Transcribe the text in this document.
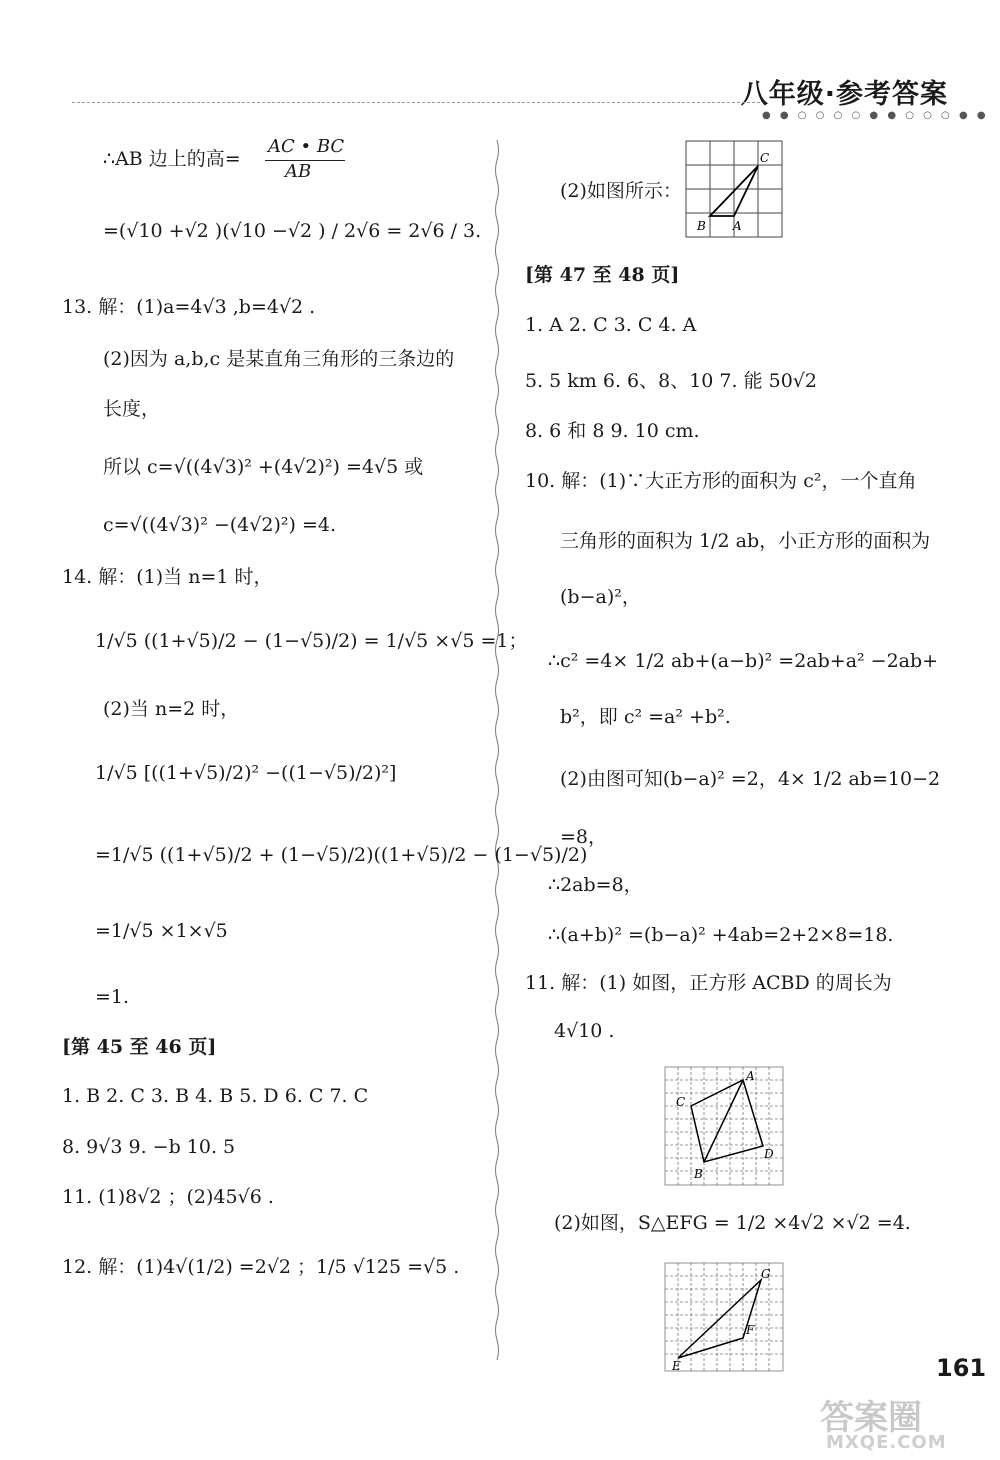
八年级·参考答案
● ● ○ ○ ○ ○ ● ● ○ ○ ○ ● ●
∴AB 边上的高=
AC • BC
AB
=(√10 +√2 )(√10 −√2 ) / 2√6 = 2√6 / 3.
13. 解：(1)a=4√3 ,b=4√2 .
(2)因为 a,b,c 是某直角三角形的三条边的
长度，
所以 c=√((4√3)² +(4√2)²) =4√5 或
c=√((4√3)² −(4√2)²) =4.
14. 解：(1)当 n=1 时，
1/√5 ((1+√5)/2 − (1−√5)/2) = 1/√5 ×√5 =1；
(2)当 n=2 时，
1/√5 [((1+√5)/2)² −((1−√5)/2)²]
=1/√5 ((1+√5)/2 + (1−√5)/2)((1+√5)/2 − (1−√5)/2)
=1/√5 ×1×√5
=1.
[第 45 至 46 页]
1. B 2. C 3. B 4. B 5. D 6. C 7. C
8. 9√3 9. −b 10. 5
11. (1)8√2 ；(2)45√6 .
12. 解：(1)4√(1/2) =2√2 ；1/5 √125 =√5 .
C
B A
(2)如图所示：
[第 47 至 48 页]
1. A 2. C 3. C 4. A
5. 5 km 6. 6、8、10 7. 能 50√2
8. 6 和 8 9. 10 cm.
10. 解：(1)∵大正方形的面积为 c²，一个直角
三角形的面积为 1/2 ab，小正方形的面积为
(b−a)²，
∴c² =4× 1/2 ab+(a−b)² =2ab+a² −2ab+
b²，即 c² =a² +b².
(2)由图可知(b−a)² =2，4× 1/2 ab=10−2
=8，
∴2ab=8，
∴(a+b)² =(b−a)² +4ab=2+2×8=18.
11. 解：(1) 如图，正方形 ACBD 的周长为
4√10 .
A
C
B
D
(2)如图，S△EFG = 1/2 ×4√2 ×√2 =4.
G
F
E	161
答案圈
MXQE.COM
